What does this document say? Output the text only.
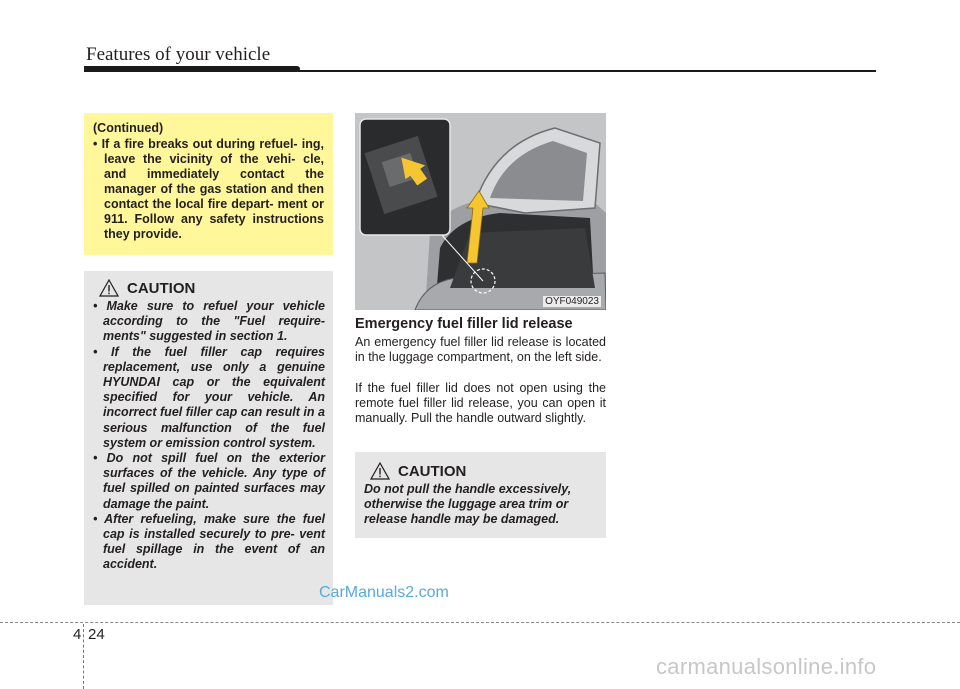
Features of your vehicle
(Continued)
• If a fire breaks out during refuel- ing, leave the vicinity of the vehi- cle, and immediately contact the manager of the gas station and then contact the local fire depart- ment or 911. Follow any safety instructions they provide.
CAUTION
• Make sure to refuel your vehicle according to the "Fuel require- ments" suggested in section 1.
• If the fuel filler cap requires replacement, use only a genuine HYUNDAI cap or the equivalent specified for your vehicle. An incorrect fuel filler cap can result in a serious malfunction of the fuel system or emission control system.
• Do not spill fuel on the exterior surfaces of the vehicle. Any type of fuel spilled on painted surfaces may damage the paint.
• After refueling, make sure the fuel cap is installed securely to pre- vent fuel spillage in the event of an accident.
OYF049023
Emergency fuel filler lid release

An emergency fuel filler lid release is located in the luggage compartment, on the left side.

If the fuel filler lid does not open using the remote fuel filler lid release, you can open it manually. Pull the handle outward slightly.

CAUTION

Do not pull the handle excessively, otherwise the luggage area trim or release handle may be damaged.

CarManuals2.com
4 24
carmanualsonline.info
